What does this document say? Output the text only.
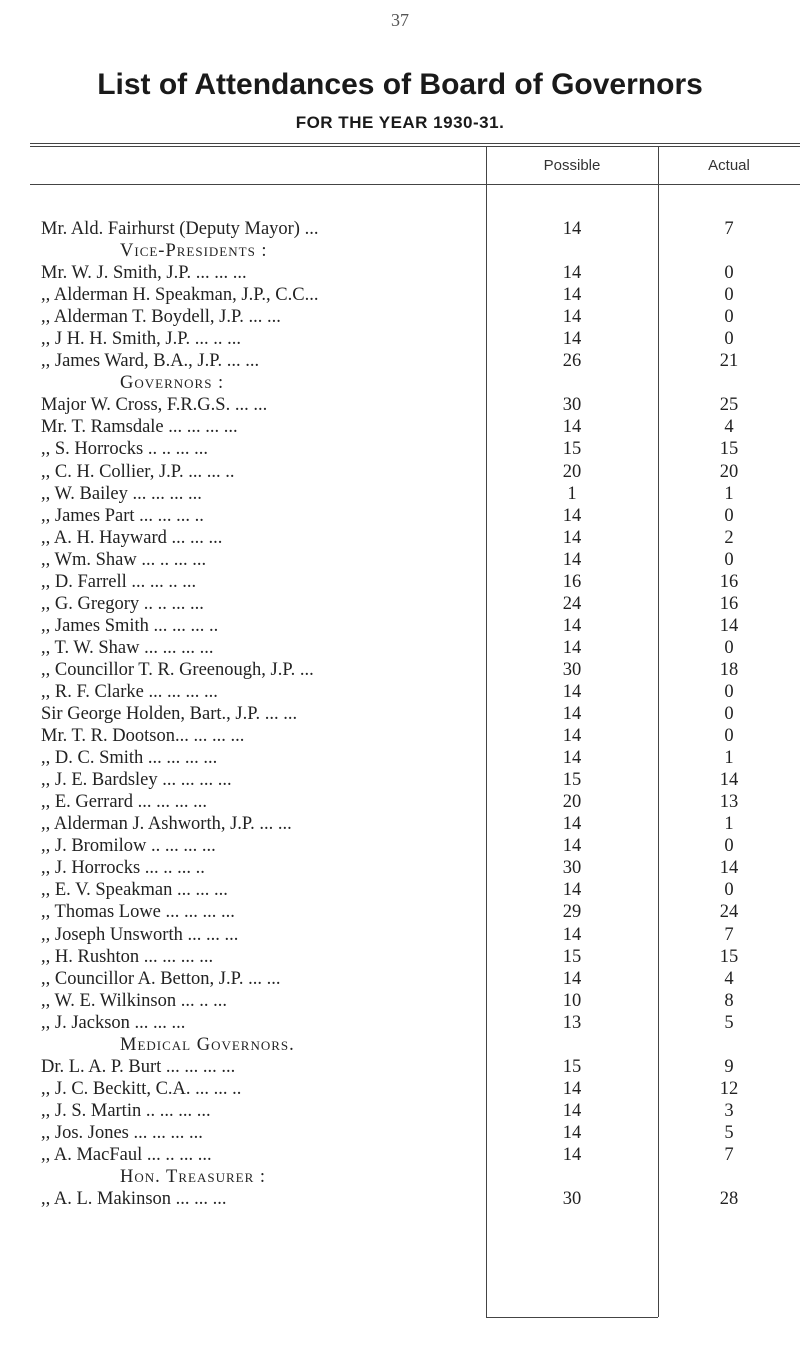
37
List of Attendances of Board of Governors
FOR THE YEAR 1930-31.
Possible	Actual
Mr. Ald. Fairhurst (Deputy Mayor) ...	14	7
Vice-Presidents :
Mr. W. J. Smith, J.P. ... ... ...	14	0
,, Alderman H. Speakman, J.P., C.C...	14	0
,, Alderman T. Boydell, J.P. ... ...	14	0
,, J H. H. Smith, J.P. ... .. ...	14	0
,, James Ward, B.A., J.P. ... ...	26	21
Governors :
Major W. Cross, F.R.G.S. ... ...	30	25
Mr. T. Ramsdale ... ... ... ...	14	4
,, S. Horrocks .. .. ... ...	15	15
,, C. H. Collier, J.P. ... ... ..	20	20
,, W. Bailey ... ... ... ...	1	1
,, James Part ... ... ... ..	14	0
,, A. H. Hayward ... ... ...	14	2
,, Wm. Shaw ... .. ... ...	14	0
,, D. Farrell ... ... .. ...	16	16
,, G. Gregory .. .. ... ...	24	16
,, James Smith ... ... ... ..	14	14
,, T. W. Shaw ... ... ... ...	14	0
,, Councillor T. R. Greenough, J.P. ...	30	18
,, R. F. Clarke ... ... ... ...	14	0
Sir George Holden, Bart., J.P. ... ...	14	0
Mr. T. R. Dootson... ... ... ...	14	0
,, D. C. Smith ... ... ... ...	14	1
,, J. E. Bardsley ... ... ... ...	15	14
,, E. Gerrard ... ... ... ...	20	13
,, Alderman J. Ashworth, J.P. ... ...	14	1
,, J. Bromilow .. ... ... ...	14	0
,, J. Horrocks ... .. ... ..	30	14
,, E. V. Speakman ... ... ...	14	0
,, Thomas Lowe ... ... ... ...	29	24
,, Joseph Unsworth ... ... ...	14	7
,, H. Rushton ... ... ... ...	15	15
,, Councillor A. Betton, J.P. ... ...	14	4
,, W. E. Wilkinson ... .. ...	10	8
,, J. Jackson ... ... ...	13	5
Medical Governors.
Dr. L. A. P. Burt ... ... ... ...	15	9
,, J. C. Beckitt, C.A. ... ... ..	14	12
,, J. S. Martin .. ... ... ...	14	3
,, Jos. Jones ... ... ... ...	14	5
,, A. MacFaul ... .. ... ...	14	7
Hon. Treasurer :
,, A. L. Makinson ... ... ...	30	28
